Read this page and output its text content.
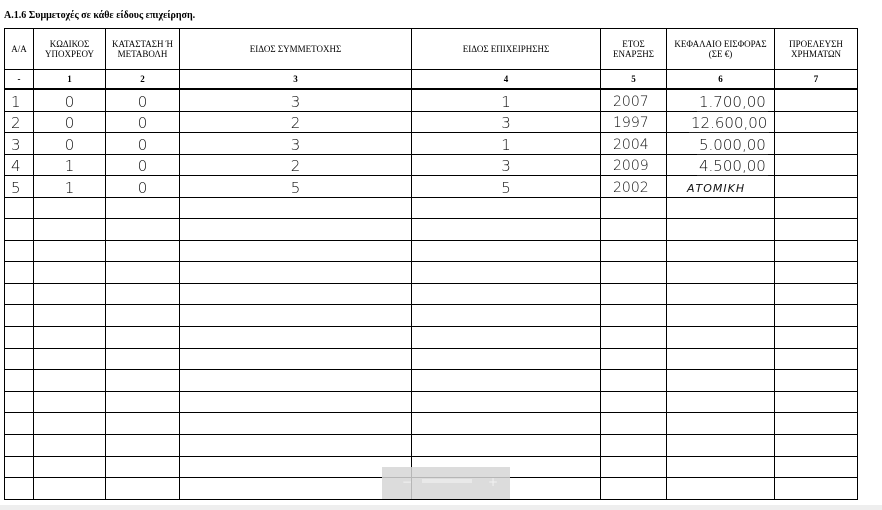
Α.1.6 Συμμετοχές σε κάθε είδους επιχείρηση.
Α/Α	ΚΩΔΙΚΟΣ ΥΠΟΧΡΕΟΥ	ΚΑΤΑΣΤΑΣΗ Ή ΜΕΤΑΒΟΛΗ	ΕΙΔΟΣ ΣΥΜΜΕΤΟΧΗΣ	ΕΙΔΟΣ ΕΠΙΧΕΙΡΗΣΗΣ	ΕΤΟΣ ΕΝΑΡΞΗΣ	ΚΕΦΑΛΑΙΟ ΕΙΣΦΟΡΑΣ (ΣΕ €)	ΠΡΟΕΛΕΥΣΗ ΧΡΗΜΑΤΩΝ
-	1	2	3	4	5	6	7
1	0	0	3	1	2007	1.700,00	
2	0	0	2	3	1997	12.600,00	
3	0	0	3	1	2004	5.000,00	
4	1	0	2	3	2009	4.500,00	
5	1	0	5	5	2002	ΑΤΟΜΙΚΗ	

−	+
